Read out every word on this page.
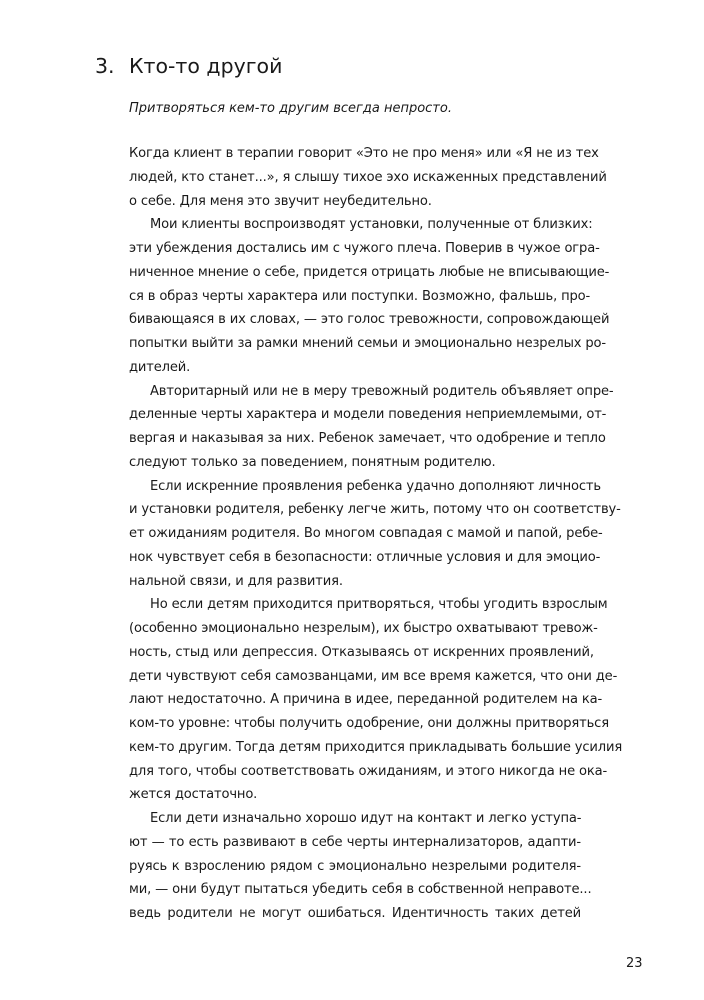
3. Кто-то другой

Притворяться кем-то другим всегда непросто.

Когда клиент в терапии говорит «Это не про меня» или «Я не из тех
людей, кто станет...», я слышу тихое эхо искаженных представлений
о себе. Для меня это звучит неубедительно.
Мои клиенты воспроизводят установки, полученные от близких:
эти убеждения достались им с чужого плеча. Поверив в чужое огра-
ниченное мнение о себе, придется отрицать любые не вписывающие-
ся в образ черты характера или поступки. Возможно, фальшь, про-
бивающаяся в их словах, — это голос тревожности, сопровождающей
попытки выйти за рамки мнений семьи и эмоционально незрелых ро-
дителей.
Авторитарный или не в меру тревожный родитель объявляет опре-
деленные черты характера и модели поведения неприемлемыми, от-
вергая и наказывая за них. Ребенок замечает, что одобрение и тепло
следуют только за поведением, понятным родителю.
Если искренние проявления ребенка удачно дополняют личность
и установки родителя, ребенку легче жить, потому что он соответству-
ет ожиданиям родителя. Во многом совпадая с мамой и папой, ребе-
нок чувствует себя в безопасности: отличные условия и для эмоцио-
нальной связи, и для развития.
Но если детям приходится притворяться, чтобы угодить взрослым
(особенно эмоционально незрелым), их быстро охватывают тревож-
ность, стыд или депрессия. Отказываясь от искренних проявлений,
дети чувствуют себя самозванцами, им все время кажется, что они де-
лают недостаточно. А причина в идее, переданной родителем на ка-
ком-то уровне: чтобы получить одобрение, они должны притворяться
кем-то другим. Тогда детям приходится прикладывать большие усилия
для того, чтобы соответствовать ожиданиям, и этого никогда не ока-
жется достаточно.
Если дети изначально хорошо идут на контакт и легко уступа-
ют — то есть развивают в себе черты интернализаторов, адапти-
руясь к взрослению рядом с эмоционально незрелыми родителя-
ми, — они будут пытаться убедить себя в собственной неправоте...
ведь родители не могут ошибаться. Идентичность таких детей

23
